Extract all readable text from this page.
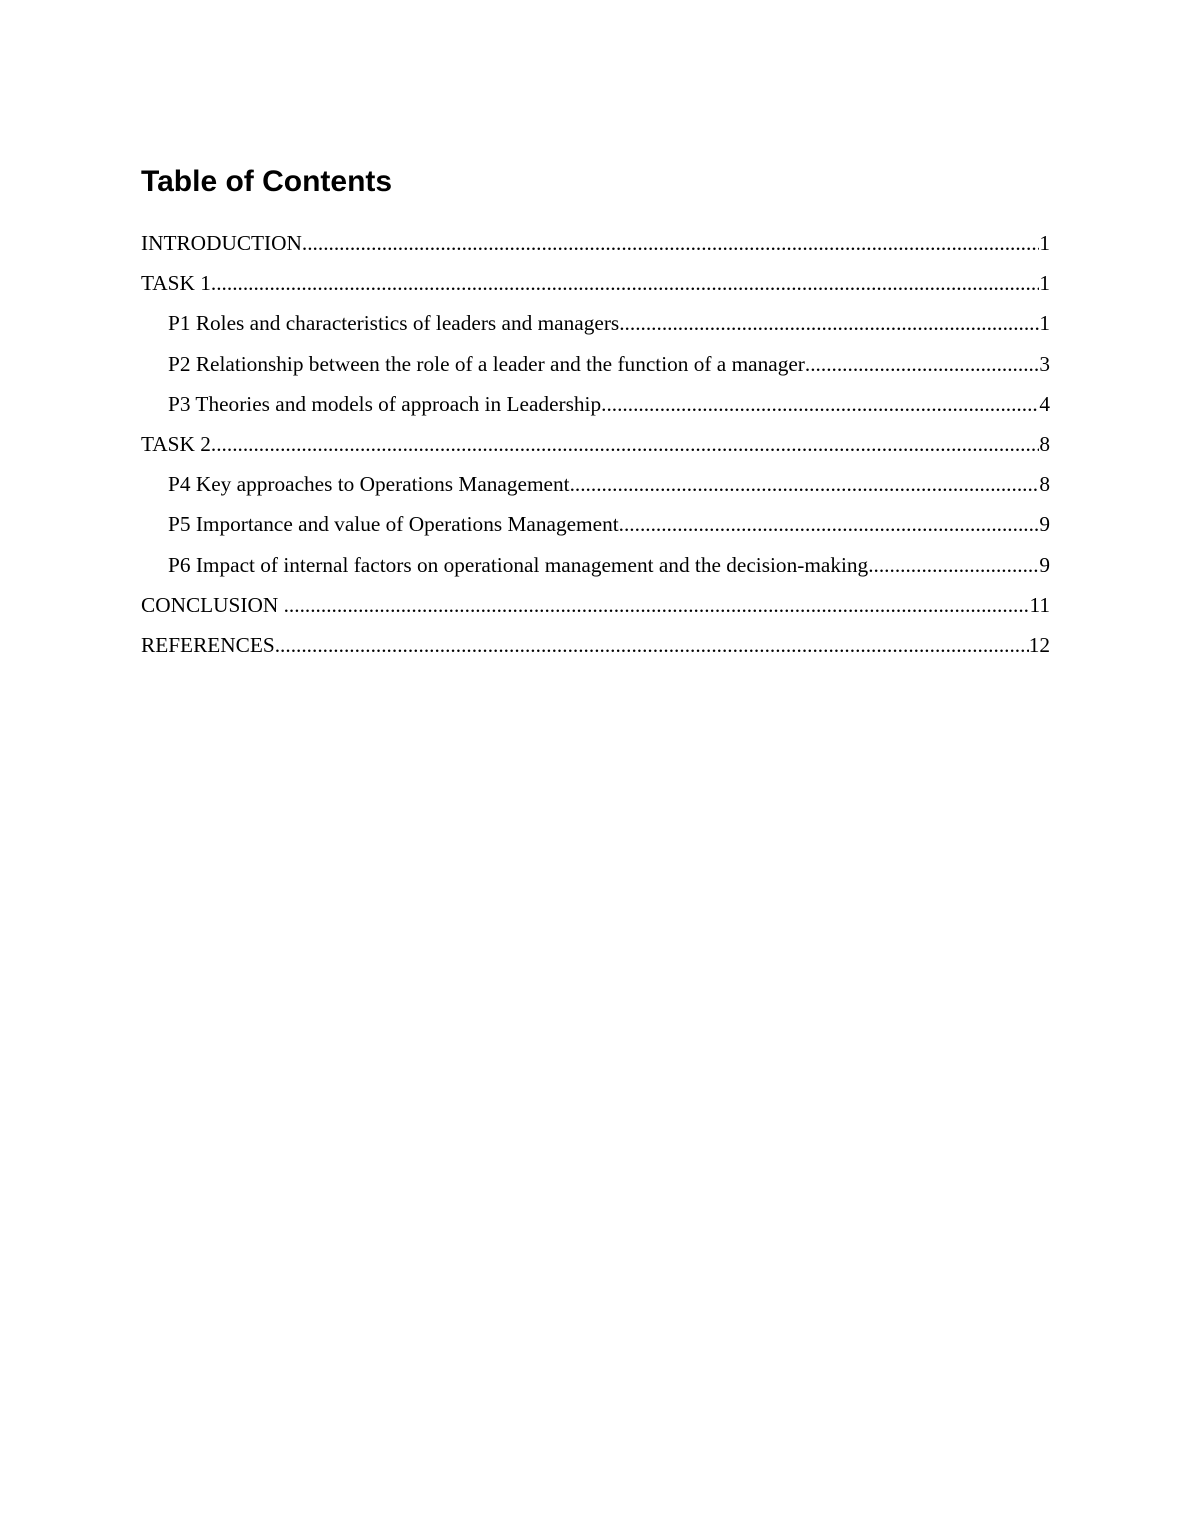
Table of Contents
INTRODUCTION .....	1
TASK 1 .....	1
P1 Roles and characteristics of leaders and managers .....	1
P2 Relationship between the role of a leader and the function of a manager .....	3
P3 Theories and models of approach in Leadership .....	4
TASK 2 .....	8
P4 Key approaches to Operations Management .....	8
P5 Importance and value of Operations Management .....	9
P6 Impact of internal factors on operational management and the decision-making .....	9
CONCLUSION .....	11
REFERENCES .....	12
